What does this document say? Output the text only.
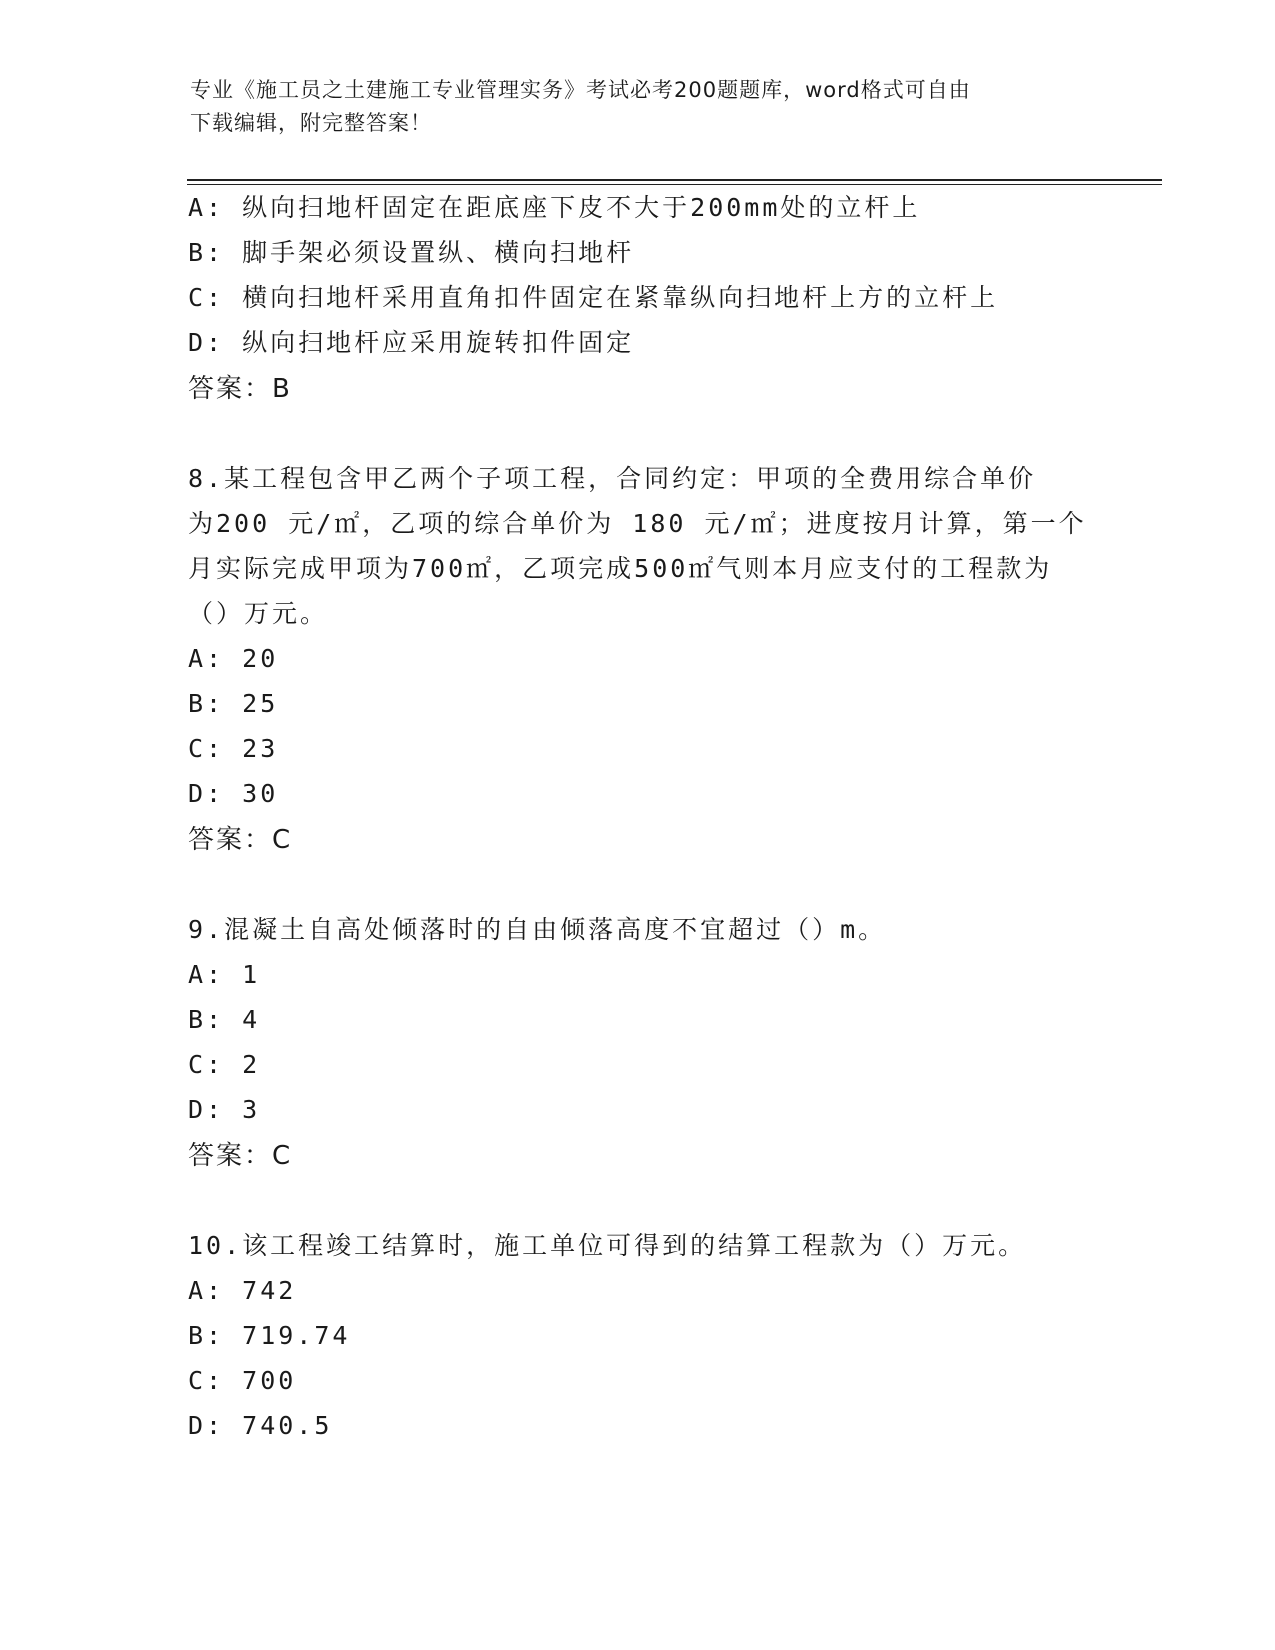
专业《施工员之土建施工专业管理实务》考试必考200题题库，word格式可自由
下载编辑，附完整答案！
A: 纵向扫地杆固定在距底座下皮不大于200mm处的立杆上
B: 脚手架必须设置纵、横向扫地杆
C: 横向扫地杆采用直角扣件固定在紧靠纵向扫地杆上方的立杆上
D: 纵向扫地杆应采用旋转扣件固定
答案：B
8.某工程包含甲乙两个子项工程，合同约定：甲项的全费用综合单价
为200 元/㎡，乙项的综合单价为 180 元/㎡；进度按月计算，第一个
月实际完成甲项为700㎡，乙项完成500㎡气则本月应支付的工程款为
（）万元。
A: 20
B: 25
C: 23
D: 30
答案：C
9.混凝土自高处倾落时的自由倾落高度不宜超过（）m。
A: 1
B: 4
C: 2
D: 3
答案：C
10.该工程竣工结算时，施工单位可得到的结算工程款为（）万元。
A: 742
B: 719.74
C: 700
D: 740.5
